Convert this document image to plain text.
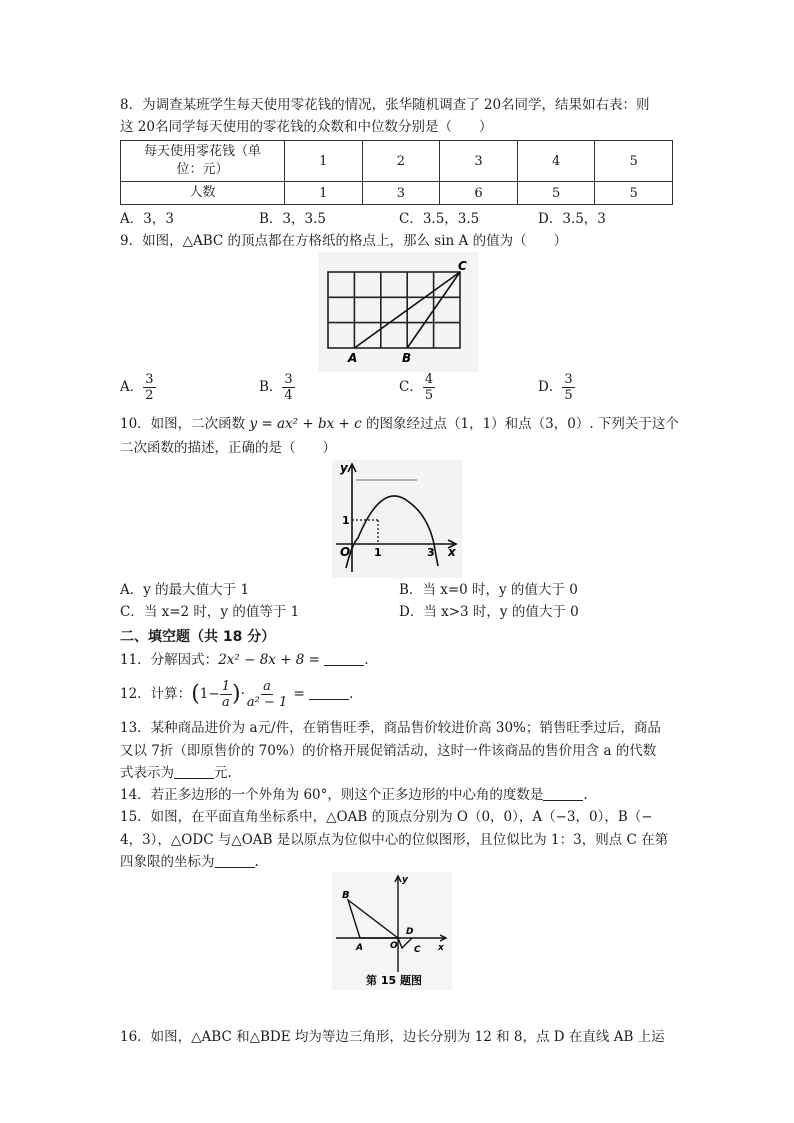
8．为调查某班学生每天使用零花钱的情况，张华随机调查了 20名同学，结果如右表：则
这 20名同学每天使用的零花钱的众数和中位数分别是（　　）
每天使用零花钱（单
位：元）	1	2	3	4	5
人数	1	3	6	5	5
A．3，3	B．3，3.5	C．3.5，3.5	D．3.5，3
9．如图，△ABC 的顶点都在方格纸的格点上，那么 sin A 的值为（　　）
A	B
C
A． $\frac{3}{2}$	B． $\frac{3}{4}$	C． $\frac{4}{5}$	D． $\frac{3}{5}$
10．如图，二次函数 y = ax² + bx + c 的图象经过点（1，1）和点（3，0）. 下列关于这个
二次函数的描述，正确的是（　　）
y
x
O 1
1
3
A．y 的最大值大于 1	B．当 x=0 时，y 的值大于 0
C．当 x=2 时，y 的值等于 1	D．当 x>3 时，y 的值大于 0
二、填空题（共 18 分）
11．分解因式：2x² − 8x + 8 =	.
12．计算：($1- \frac{1}{a}$ )· $\frac{a}{\text{a² − 1}}$ =	.
13．某种商品进价为 a元/件，在销售旺季，商品售价较进价高 30%；销售旺季过后，商品
又以 7折（即原售价的 70%）的价格开展促销活动，这时一件该商品的售价用含 a 的代数
式表示为	元.
14．若正多边形的一个外角为 60°，则这个正多边形的中心角的度数是	.
15．如图，在平面直角坐标系中，△OAB 的顶点分别为 O（0，0），A（−3，0），B（−
4，3），△ODC 与△OAB 是以原点为位似中心的位似图形，且位似比为 1：3，则点 C 在第
四象限的坐标为	.
B
A	O
D
C
y
x
第 15 题图
16．如图，△ABC 和△BDE 均为等边三角形，边长分别为 12 和 8，点 D 在直线 AB 上运
